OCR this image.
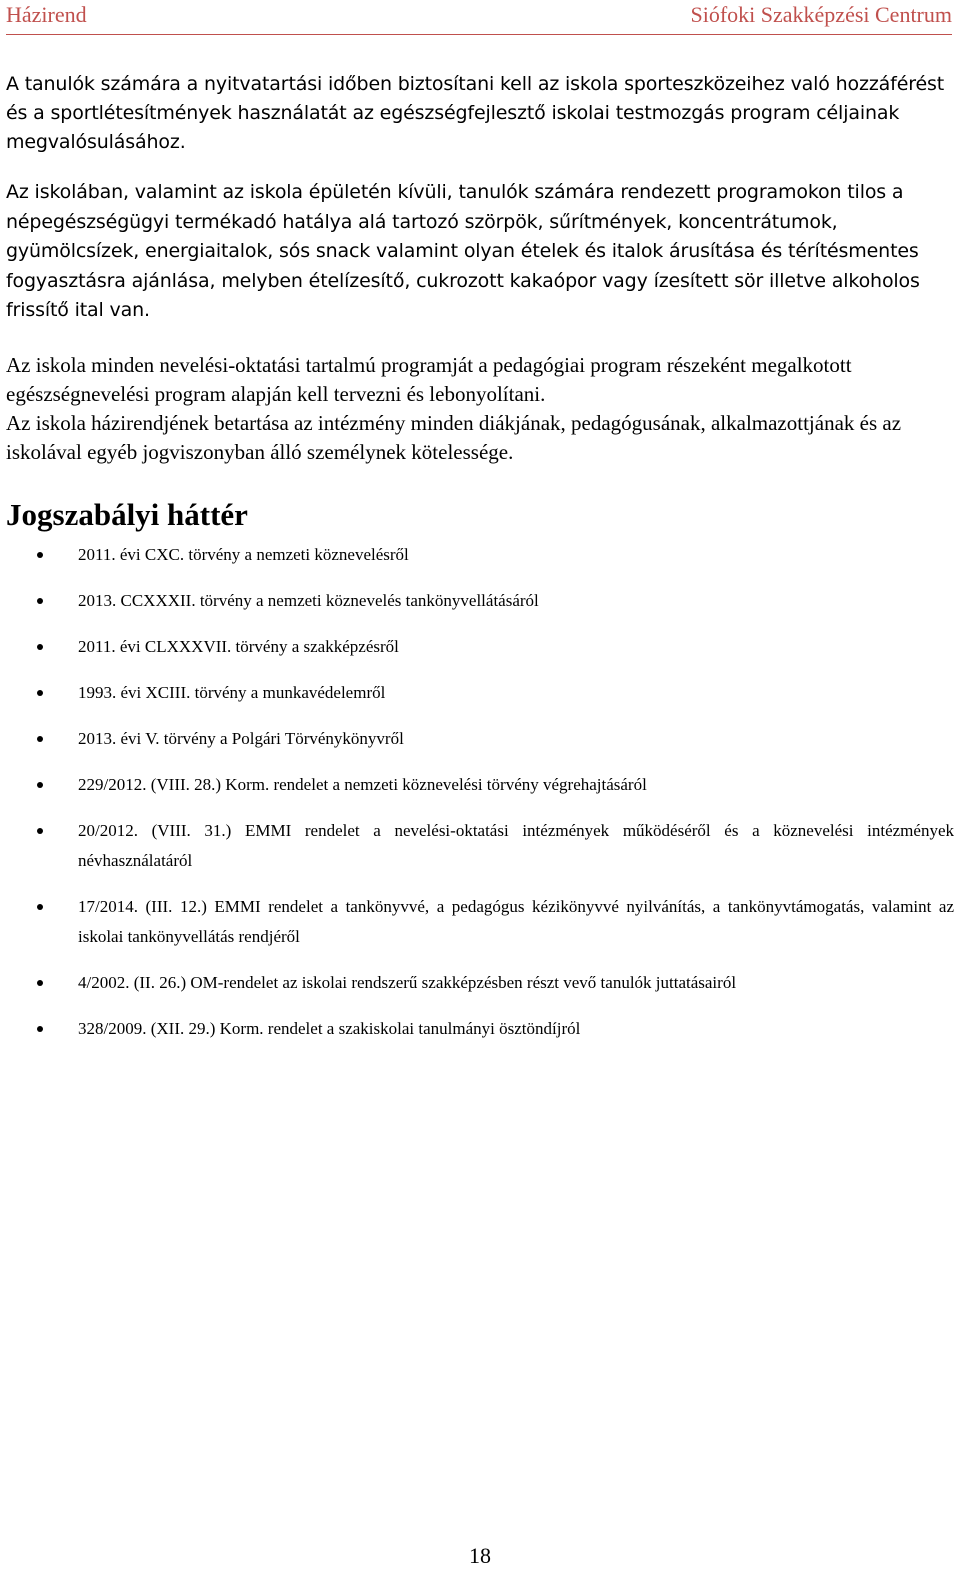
Házirend	Siófoki Szakképzési Centrum

A tanulók számára a nyitvatartási időben biztosítani kell az iskola sporteszközeihez való hozzáférést és a sportlétesítmények használatát az egészségfejlesztő iskolai testmozgás program céljainak megvalósulásához.

Az iskolában, valamint az iskola épületén kívüli, tanulók számára rendezett programokon tilos a népegészségügyi termékadó hatálya alá tartozó szörpök, sűrítmények, koncentrátumok, gyümölcsízek, energiaitalok, sós snack valamint olyan ételek és italok árusítása és térítésmentes fogyasztásra ajánlása, melyben ételízesítő, cukrozott kakaópor vagy ízesített sör illetve alkoholos frissítő ital van.

Az iskola minden nevelési-oktatási tartalmú programját a pedagógiai program részeként megalkotott egészségnevelési program alapján kell tervezni és lebonyolítani.

Az iskola házirendjének betartása az intézmény minden diákjának, pedagógusának, alkalmazottjának és az iskolával egyéb jogviszonyban álló személynek kötelessége.

Jogszabályi háttér
2011. évi CXC. törvény a nemzeti köznevelésről
2013. CCXXXII. törvény a nemzeti köznevelés tankönyvellátásáról
2011. évi CLXXXVII. törvény a szakképzésről
1993. évi XCIII. törvény a munkavédelemről
2013. évi V. törvény a Polgári Törvénykönyvről
229/2012. (VIII. 28.) Korm. rendelet a nemzeti köznevelési törvény végrehajtásáról
20/2012. (VIII. 31.) EMMI rendelet a nevelési-oktatási intézmények működéséről és a köznevelési intézmények névhasználatáról
17/2014. (III. 12.) EMMI rendelet a tankönyvvé, a pedagógus kézikönyvvé nyilvánítás, a tankönyvtámogatás, valamint az iskolai tankönyvellátás rendjéről
4/2002. (II. 26.) OM-rendelet az iskolai rendszerű szakképzésben részt vevő tanulók juttatásairól
328/2009. (XII. 29.) Korm. rendelet a szakiskolai tanulmányi ösztöndíjról
18
